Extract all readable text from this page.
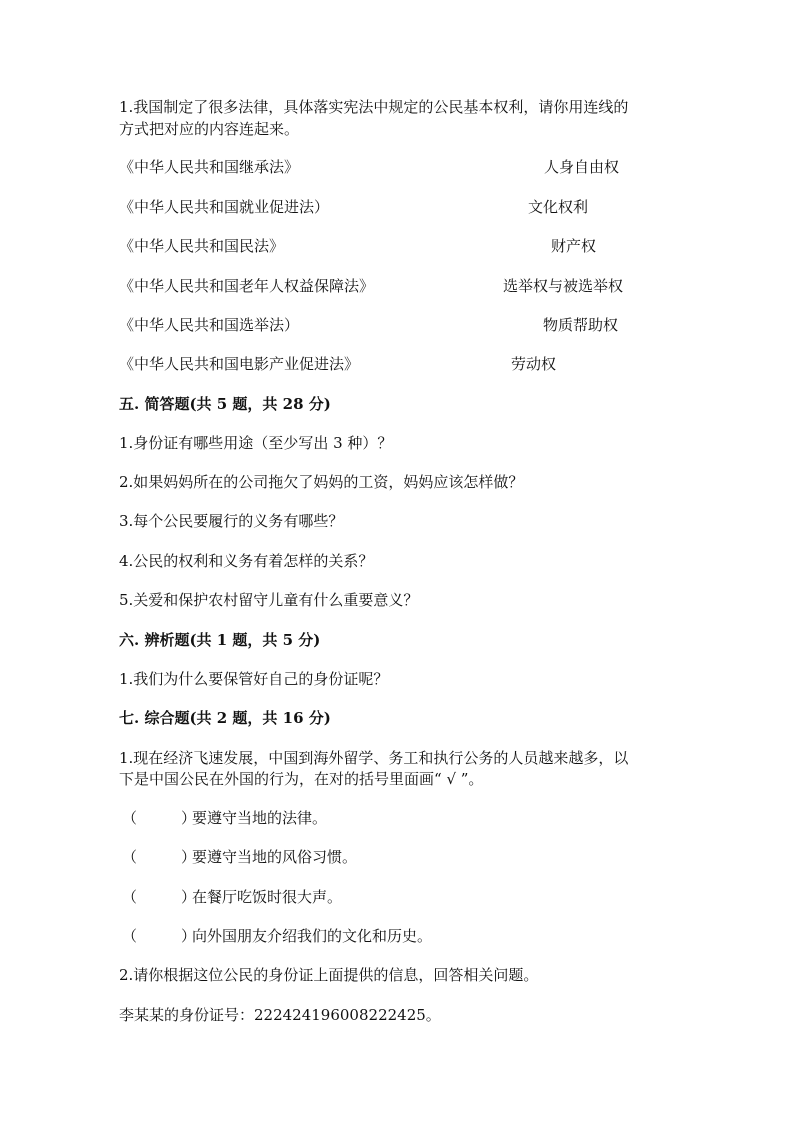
1.我国制定了很多法律，具体落实宪法中规定的公民基本权利，请你用连线的
方式把对应的内容连起来。
《中华人民共和国继承法》	人身自由权
《中华人民共和国就业促进法）	文化权利
《中华人民共和国民法》	财产权
《中华人民共和国老年人权益保障法》	选举权与被选举权
《中华人民共和国选举法）	物质帮助权
《中华人民共和国电影产业促进法》	劳动权
五. 简答题(共 5 题，共 28 分)
1.身份证有哪些用途（至少写出 3 种）？
2.如果妈妈所在的公司拖欠了妈妈的工资，妈妈应该怎样做？
3.每个公民要履行的义务有哪些？
4.公民的权利和义务有着怎样的关系？
5.关爱和保护农村留守儿童有什么重要意义？
六. 辨析题(共 1 题，共 5 分)
1.我们为什么要保管好自己的身份证呢？
七. 综合题(共 2 题，共 16 分)
1.现在经济飞速发展，中国到海外留学、务工和执行公务的人员越来越多，以
下是中国公民在外国的行为，在对的括号里面画“ √ ”。
（	）
要遵守当地的法律。
（	）
要遵守当地的风俗习惯。
（	）
在餐厅吃饭时很大声。
（	）
向外国朋友介绍我们的文化和历史。
2.请你根据这位公民的身份证上面提供的信息，回答相关问题。
李某某的身份证号：222424196008222425。
